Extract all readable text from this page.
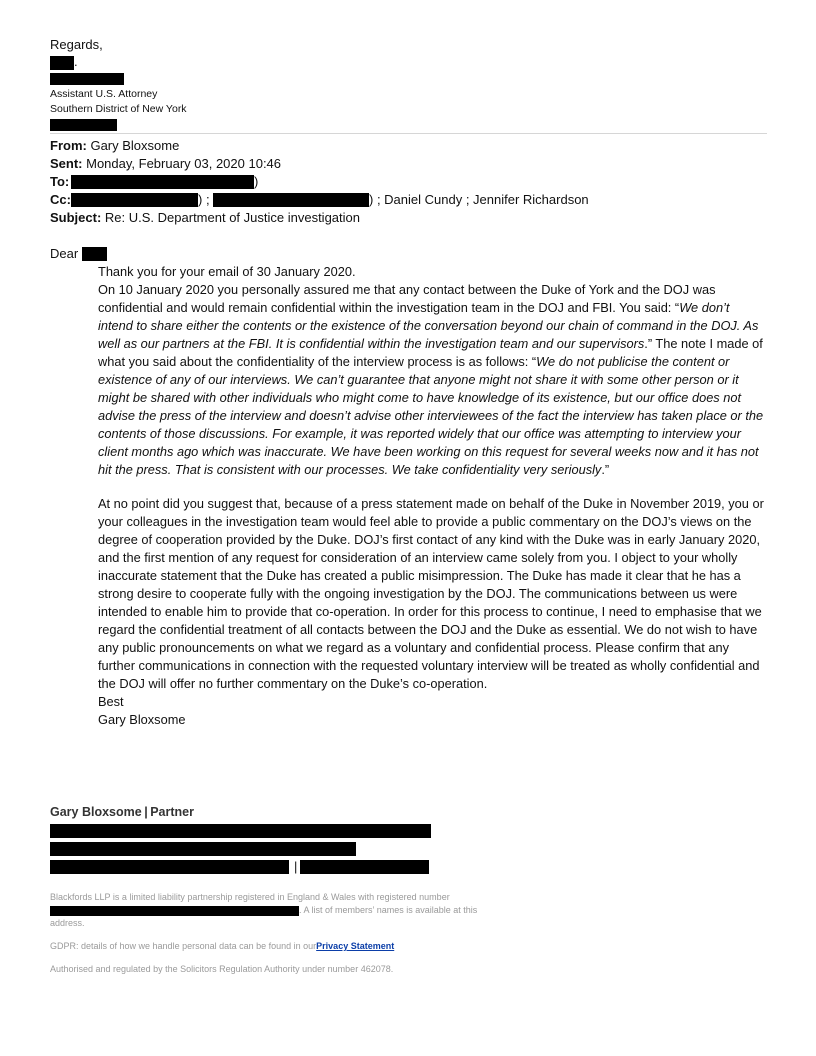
Regards,
.
Assistant U.S. Attorney
Southern District of New York
From: Gary Bloxsome
Sent: Monday, February 03, 2020 10:46
To:	)
Cc:	) ;	) ; Daniel Cundy ; Jennifer Richardson
Subject: Re: U.S. Department of Justice investigation
Dear

Thank you for your email of 30 January 2020.

On 10 January 2020 you personally assured me that any contact between the Duke of York and the DOJ was confidential and would remain confidential within the investigation team in the DOJ and FBI. You said: “We don’t intend to share either the contents or the existence of the conversation beyond our chain of command in the DOJ. As well as our partners at the FBI. It is confidential within the investigation team and our supervisors.” The note I made of what you said about the confidentiality of the interview process is as follows: “We do not publicise the content or existence of any of our interviews. We can’t guarantee that anyone might not share it with some other person or it might be shared with other individuals who might come to have knowledge of its existence, but our office does not advise the press of the interview and doesn’t advise other interviewees of the fact the interview has taken place or the contents of those discussions. For example, it was reported widely that our office was attempting to interview your client months ago which was inaccurate. We have been working on this request for several weeks now and it has not hit the press. That is consistent with our processes. We take confidentiality very seriously.”

At no point did you suggest that, because of a press statement made on behalf of the Duke in November 2019, you or your colleagues in the investigation team would feel able to provide a public commentary on the DOJ’s views on the degree of cooperation provided by the Duke. DOJ’s first contact of any kind with the Duke was in early January 2020, and the first mention of any request for consideration of an interview came solely from you. I object to your wholly inaccurate statement that the Duke has created a public misimpression. The Duke has made it clear that he has a strong desire to cooperate fully with the ongoing investigation by the DOJ. The communications between us were intended to enable him to provide that co-operation. In order for this process to continue, I need to emphasise that we regard the confidential treatment of all contacts between the DOJ and the Duke as essential. We do not wish to have any public pronouncements on what we regard as a voluntary and confidential process. Please confirm that any further communications in connection with the requested voluntary interview will be treated as wholly confidential and the DOJ will offer no further commentary on the Duke’s co-operation.

Best

Gary Bloxsome

Gary Bloxsome | Partner
|
Blackfords LLP is a limited liability partnership registered in England & Wales with registered number
. A list of members’ names is available at this
address.
GDPR: details of how we handle personal data can be found in ourPrivacy Statement
Authorised and regulated by the Solicitors Regulation Authority under number 462078.
